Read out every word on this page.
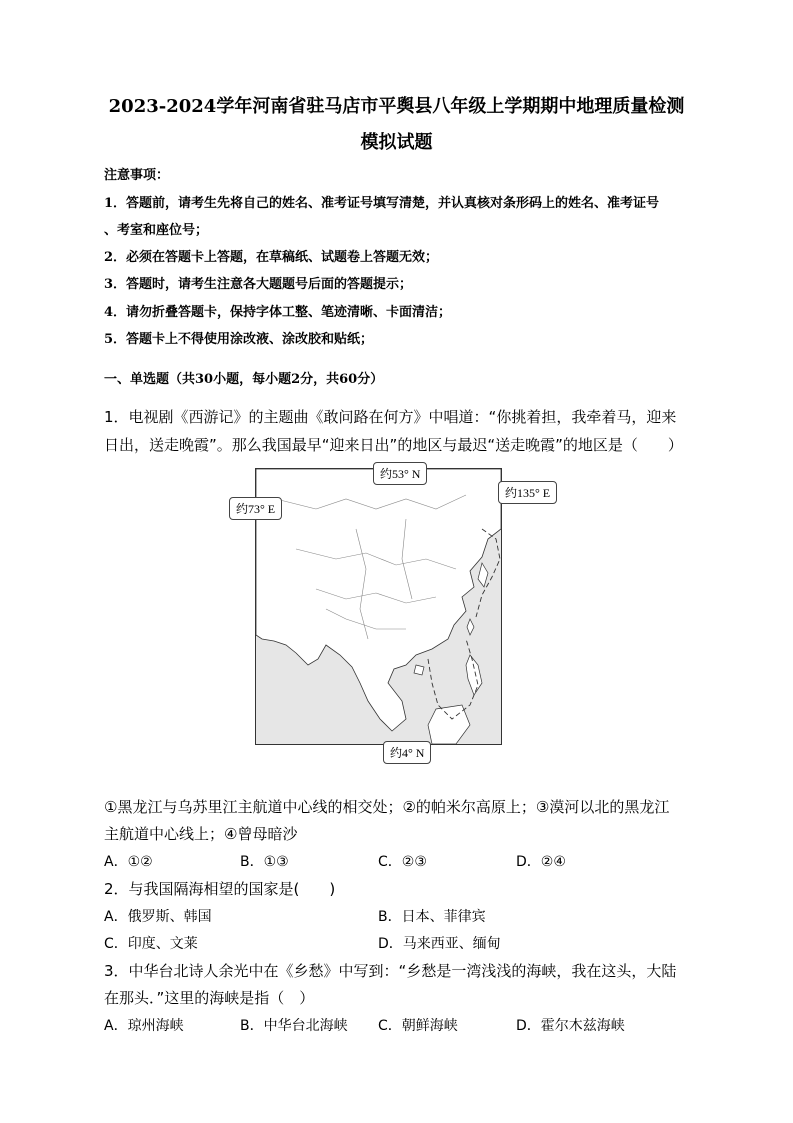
2023-2024学年河南省驻马店市平舆县八年级上学期期中地理质量检测
模拟试题
注意事项：
1．答题前，请考生先将自己的姓名、准考证号填写清楚，并认真核对条形码上的姓名、准考证号
、考室和座位号；
2．必须在答题卡上答题，在草稿纸、试题卷上答题无效；
3．答题时，请考生注意各大题题号后面的答题提示；
4．请勿折叠答题卡，保持字体工整、笔迹清晰、卡面清洁；
5．答题卡上不得使用涂改液、涂改胶和贴纸；
一、单选题（共30小题，每小题2分，共60分）
1．电视剧《西游记》的主题曲《敢问路在何方》中唱道：“你挑着担，我牵着马，迎来
日出，送走晚霞”。那么我国最早“迎来日出”的地区与最迟“送走晚霞”的地区是（　　）
约53° N
约73° E
约135° E
约4° N
①黑龙江与乌苏里江主航道中心线的相交处；②的帕米尔高原上；③漠河以北的黑龙江
主航道中心线上；④曾母暗沙
A．①②	B．①③	C．②③	D．②④
2．与我国隔海相望的国家是(　　)
A．俄罗斯、韩国	B．日本、菲律宾
C．印度、文莱	D．马来西亚、缅甸
3．中华台北诗人余光中在《乡愁》中写到：“乡愁是一湾浅浅的海峡，我在这头，大陆
在那头．”这里的海峡是指（　）
A．琼州海峡	B．中华台北海峡 C．朝鲜海峡	D．霍尔木兹海峡
